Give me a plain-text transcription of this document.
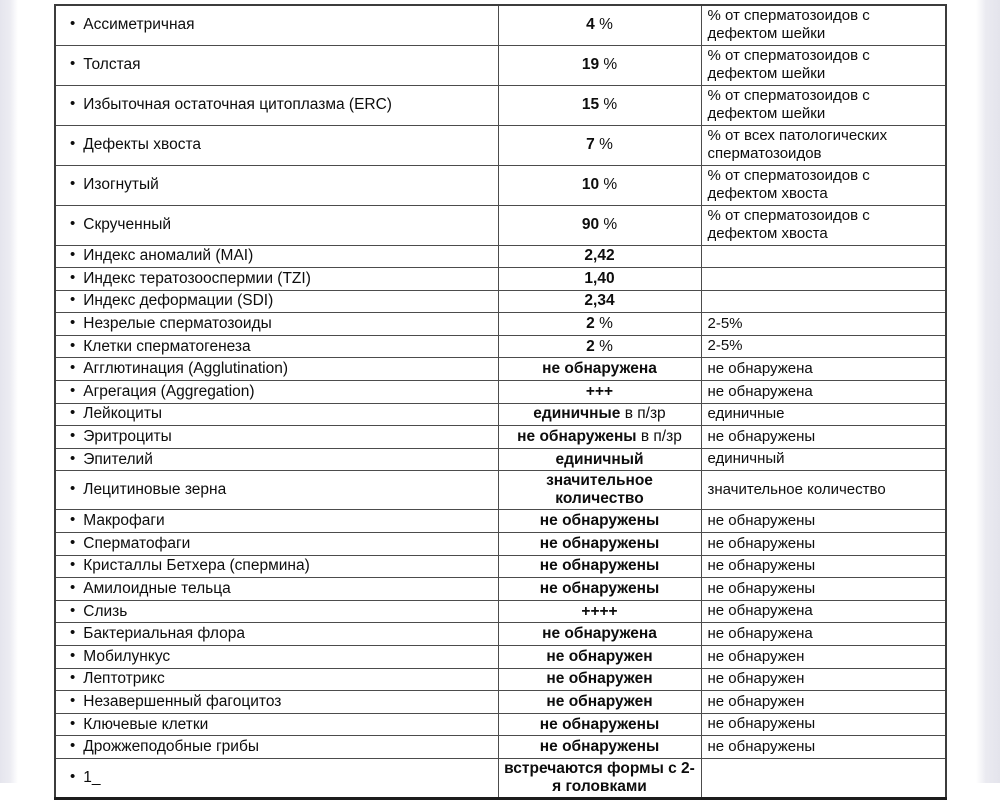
• Ассиметричная	4 %	% от сперматозоидов с дефектом шейки
• Толстая	19 %	% от сперматозоидов с дефектом шейки
• Избыточная остаточная цитоплазма (ERC)	15 %	% от сперматозоидов с дефектом шейки
• Дефекты хвоста	7 %	% от всех патологических сперматозоидов
• Изогнутый	10 %	% от сперматозоидов с дефектом хвоста
• Скрученный	90 %	% от сперматозоидов с дефектом хвоста
• Индекс аномалий (MAI)	2,42	
• Индекс тератозооспермии (TZI)	1,40	
• Индекс деформации (SDI)	2,34	
• Незрелые сперматозоиды	2 %	2-5%
• Клетки сперматогенеза	2 %	2-5%
• Агглютинация (Agglutination)	не обнаружена	не обнаружена
• Агрегация (Aggregation)	+++	не обнаружена
• Лейкоциты	единичные в п/зр	единичные
• Эритроциты	не обнаружены в п/зр	не обнаружены
• Эпителий	единичный	единичный
• Лецитиновые зерна	значительное количество	значительное количество
• Макрофаги	не обнаружены	не обнаружены
• Сперматофаги	не обнаружены	не обнаружены
• Кристаллы Бетхера (спермина)	не обнаружены	не обнаружены
• Амилоидные тельца	не обнаружены	не обнаружены
• Слизь	++++	не обнаружена
• Бактериальная флора	не обнаружена	не обнаружена
• Мобилункус	не обнаружен	не обнаружен
• Лептотрикс	не обнаружен	не обнаружен
• Незавершенный фагоцитоз	не обнаружен	не обнаружен
• Ключевые клетки	не обнаружены	не обнаружены
• Дрожжеподобные грибы	не обнаружены	не обнаружены
• 1_	встречаются формы с 2-я головками	
